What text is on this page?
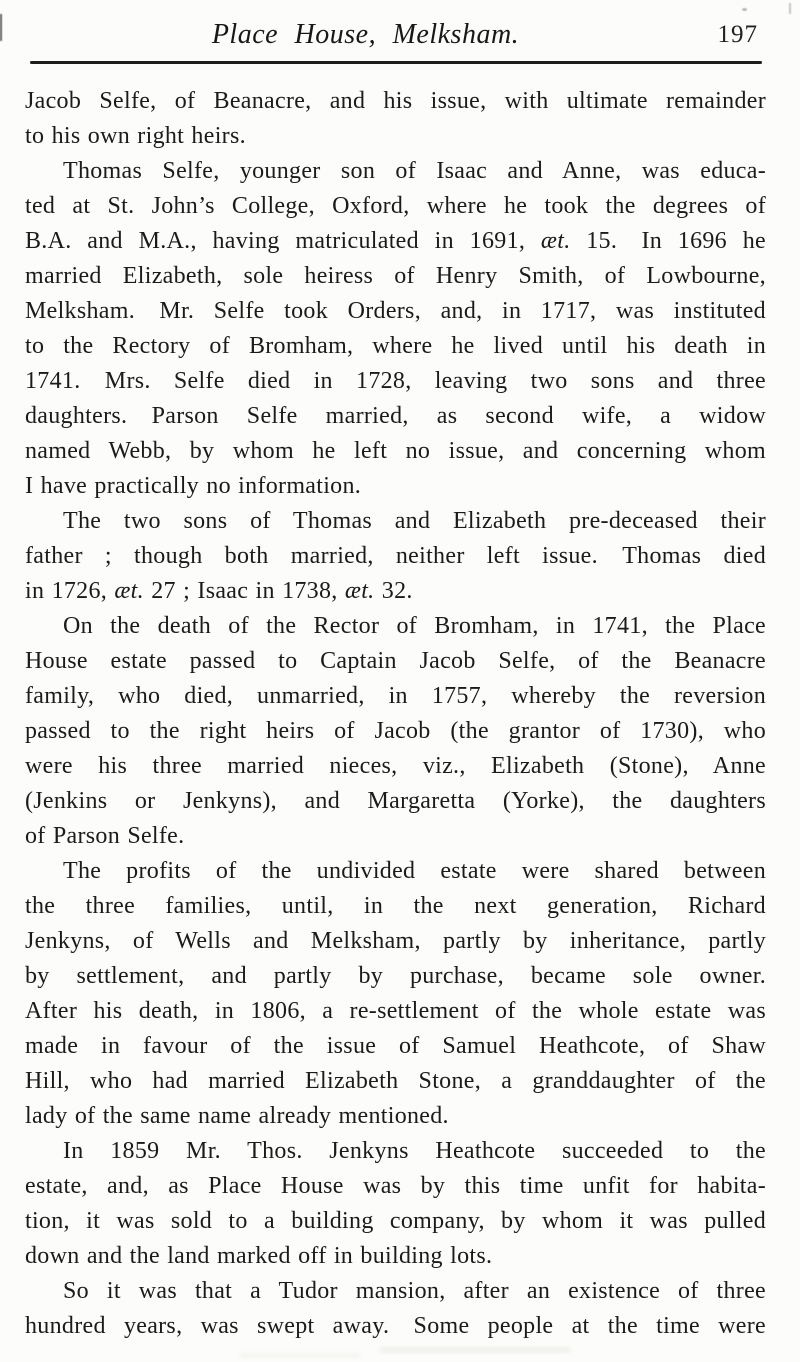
Place House, Melksham.	197
Jacob Selfe, of Beanacre, and his issue, with ultimate remainder
to his own right heirs.
Thomas Selfe, younger son of Isaac and Anne, was educa-
ted at St. John’s College, Oxford, where he took the degrees of
B.A. and M.A., having matriculated in 1691, æt. 15. In 1696 he
married Elizabeth, sole heiress of Henry Smith, of Lowbourne,
Melksham. Mr. Selfe took Orders, and, in 1717, was instituted
to the Rectory of Bromham, where he lived until his death in
1741. Mrs. Selfe died in 1728, leaving two sons and three
daughters. Parson Selfe married, as second wife, a widow
named Webb, by whom he left no issue, and concerning whom
I have practically no information.
The two sons of Thomas and Elizabeth pre-deceased their
father ; though both married, neither left issue. Thomas died
in 1726, æt. 27 ; Isaac in 1738, æt. 32.
On the death of the Rector of Bromham, in 1741, the Place
House estate passed to Captain Jacob Selfe, of the Beanacre
family, who died, unmarried, in 1757, whereby the reversion
passed to the right heirs of Jacob (the grantor of 1730), who
were his three married nieces, viz., Elizabeth (Stone), Anne
(Jenkins or Jenkyns), and Margaretta (Yorke), the daughters
of Parson Selfe.
The profits of the undivided estate were shared between
the three families, until, in the next generation, Richard
Jenkyns, of Wells and Melksham, partly by inheritance, partly
by settlement, and partly by purchase, became sole owner.
After his death, in 1806, a re-settlement of the whole estate was
made in favour of the issue of Samuel Heathcote, of Shaw
Hill, who had married Elizabeth Stone, a granddaughter of the
lady of the same name already mentioned.
In 1859 Mr. Thos. Jenkyns Heathcote succeeded to the
estate, and, as Place House was by this time unfit for habita-
tion, it was sold to a building company, by whom it was pulled
down and the land marked off in building lots.
So it was that a Tudor mansion, after an existence of three
hundred years, was swept away. Some people at the time were
